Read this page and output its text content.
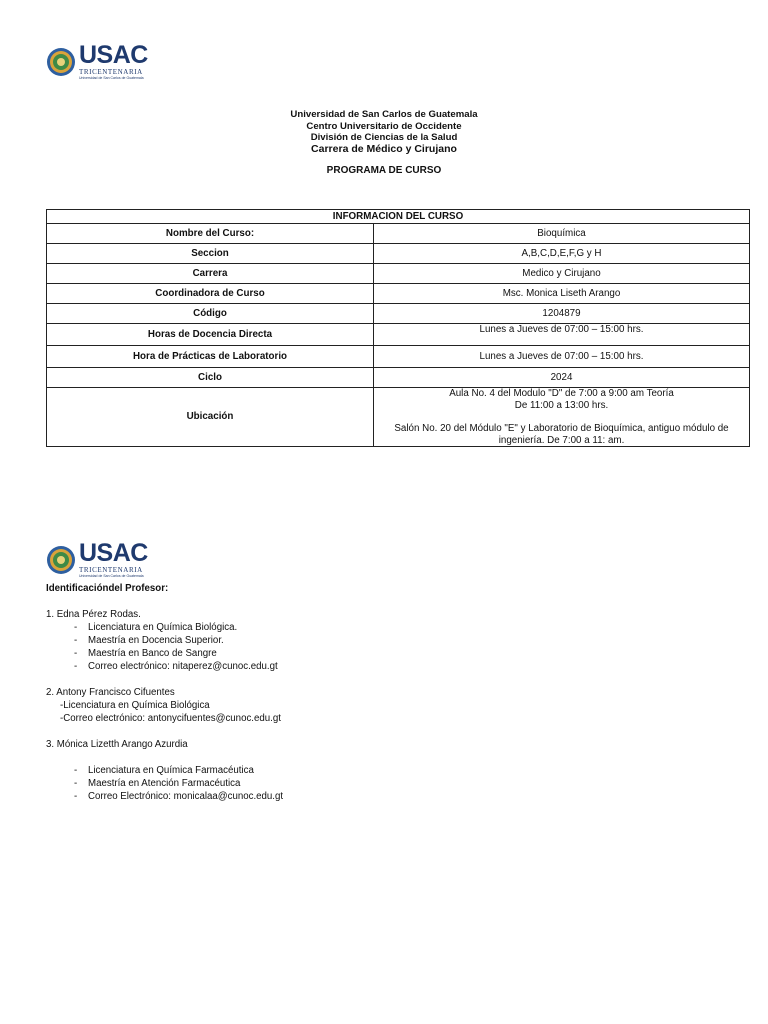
USAC
TRICENTENARIA
Universidad de San Carlos de Guatemala
Universidad de San Carlos de Guatemala
Centro Universitario de Occidente
División de Ciencias de la Salud
Carrera de Médico y Cirujano
PROGRAMA DE CURSO
INFORMACION DEL CURSO	
Nombre del Curso:	Bioquímica
Seccion	A,B,C,D,E,F,G y H
Carrera	Medico y Cirujano
Coordinadora de Curso	Msc. Monica Liseth Arango
Código	1204879
Horas de Docencia Directa	Lunes a Jueves de 07:00 – 15:00 hrs.
Hora de Prácticas de Laboratorio	Lunes a Jueves de 07:00 – 15:00 hrs.
Ciclo	2024
Ubicación	Aula No. 4 del Modulo "D" de 7:00 a 9:00 am Teoría
De 11:00 a 13:00 hrs.
Salón No. 20 del Módulo "E" y Laboratorio de Bioquímica, antiguo módulo de ingeniería. De 7:00 a 11: am.
USAC
TRICENTENARIA
Universidad de San Carlos de Guatemala

Identificacióndel Profesor:

1. Edna Pérez Rodas.

- Licenciatura en Química Biológica.
- Maestría en Docencia Superior.
- Maestría en Banco de Sangre
- Correo electrónico: nitaperez@cunoc.edu.gt

2. Antony Francisco Cifuentes

-Licenciatura en Química Biológica

-Correo electrónico: antonycifuentes@cunoc.edu.gt

3. Mónica Lizetth Arango Azurdia

- Licenciatura en Química Farmacéutica
- Maestría en Atención Farmacéutica
- Correo Electrónico: monicalaa@cunoc.edu.gt
